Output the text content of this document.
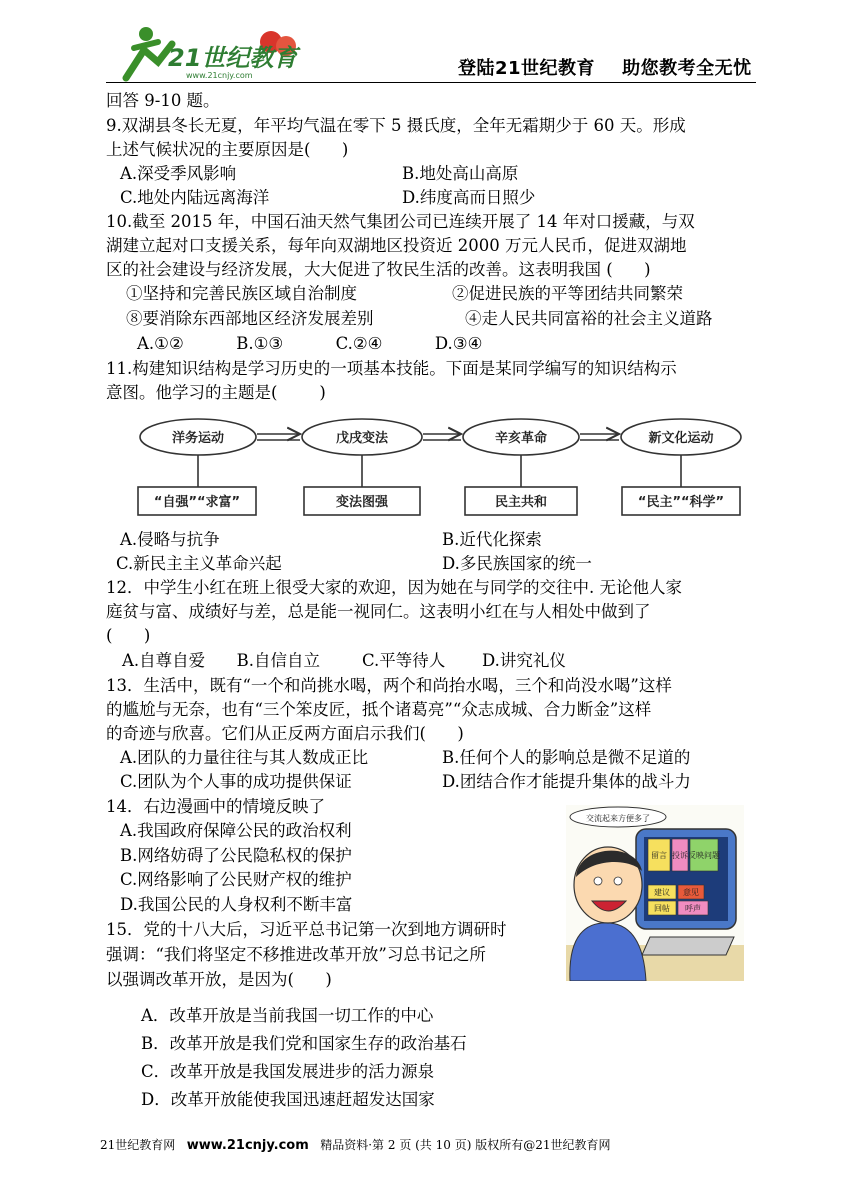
21世纪教育
www.21cnjy.com	登陆21世纪教育    助您教考全无忧
回答 9-10 题。
9.双湖县冬长无夏，年平均气温在零下 5 摄氏度，全年无霜期少于 60 天。形成
上述气候状况的主要原因是(      )
A.深受季风影响	B.地处高山高原
C.地处内陆远离海洋	D.纬度高而日照少
10.截至 2015 年，中国石油天然气集团公司已连续开展了 14 年对口援藏，与双
湖建立起对口支援关系，每年向双湖地区投资近 2000 万元人民币，促进双湖地
区的社会建设与经济发展，大大促进了牧民生活的改善。这表明我国 (      )
①坚持和完善民族区域自治制度	②促进民族的平等团结共同繁荣
⑧要消除东西部地区经济发展差别	④走人民共同富裕的社会主义道路
A.①②          B.①③          C.②④          D.③④
11.构建知识结构是学习历史的一项基本技能。下面是某同学编写的知识结构示
意图。他学习的主题是(        )
洋务运动	戊戌变法	辛亥革命	新文化运动
“自强”“求富”	变法图强	民主共和	“民主”“科学”
A.侵略与抗争	B.近代化探索
C.新民主主义革命兴起	D.多民族国家的统一
12．中学生小红在班上很受大家的欢迎，因为她在与同学的交往中. 无论他人家
庭贫与富、成绩好与差，总是能一视同仁。这表明小红在与人相处中做到了
(      )
A.自尊自爱      B.自信自立        C.平等待人       D.讲究礼仪
13．生活中，既有“一个和尚挑水喝，两个和尚抬水喝，三个和尚没水喝”这样
的尴尬与无奈，也有“三个笨皮匠，抵个诸葛亮”“众志成城、合力断金”这样
的奇迹与欣喜。它们从正反两方面启示我们(      )
A.团队的力量往往与其人数成正比	B.任何个人的影响总是微不足道的
C.团队为个人事的成功提供保证	D.团结合作才能提升集体的战斗力
14．右边漫画中的情境反映了
A.我国政府保障公民的政治权利
B.网络妨碍了公民隐私权的保护
C.网络影响了公民财产权的维护
D.我国公民的人身权利不断丰富
交流起来方便多了
留言 投诉 反映问题
建议 意见
回帖 呼声
15．党的十八大后，习近平总书记第一次到地方调研时
强调：“我们将坚定不移推进改革开放”习总书记之所
以强调改革开放，是因为(      )
A．改革开放是当前我国一切工作的中心
B．改革开放是我们党和国家生存的政治基石
C．改革开放是我国发展进步的活力源泉
D．改革开放能使我国迅速赶超发达国家
21世纪教育网 www.21cnjy.com 精品资料·第 2 页 (共 10 页) 版权所有@21世纪教育网
